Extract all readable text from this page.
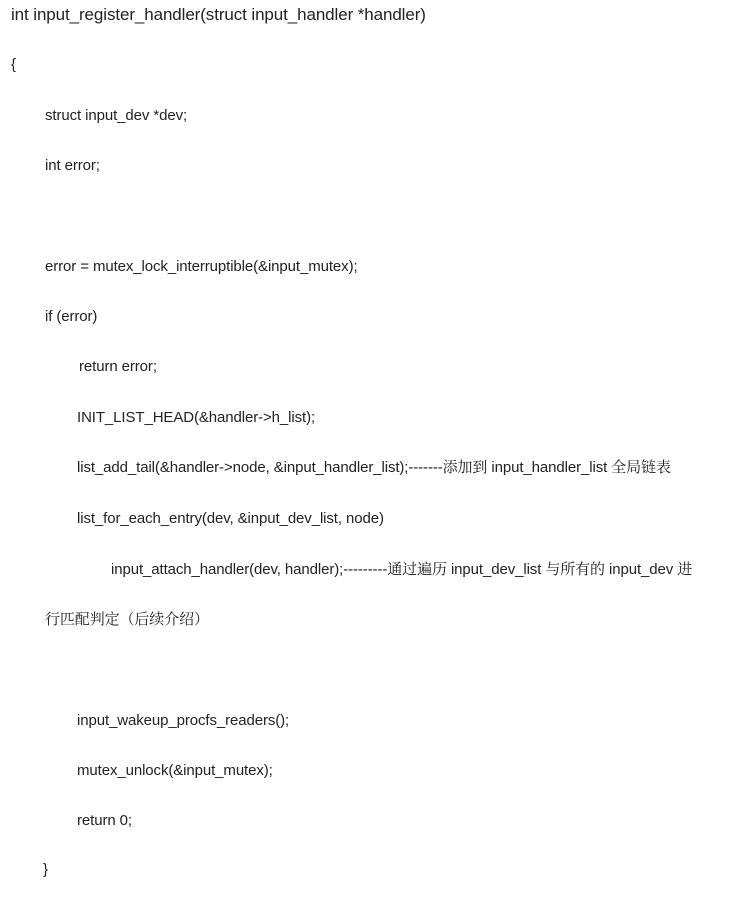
int input_register_handler(struct input_handler *handler)
{
struct input_dev *dev;
int error;
error = mutex_lock_interruptible(&input_mutex);
if (error)
return error;
INIT_LIST_HEAD(&handler->h_list);
list_add_tail(&handler->node, &input_handler_list);-------添加到 input_handler_list 全局链表
list_for_each_entry(dev, &input_dev_list, node)
input_attach_handler(dev, handler);---------通过遍历 input_dev_list 与所有的 input_dev 进
行匹配判定（后续介绍）
input_wakeup_procfs_readers();
mutex_unlock(&input_mutex);
return 0;
}
